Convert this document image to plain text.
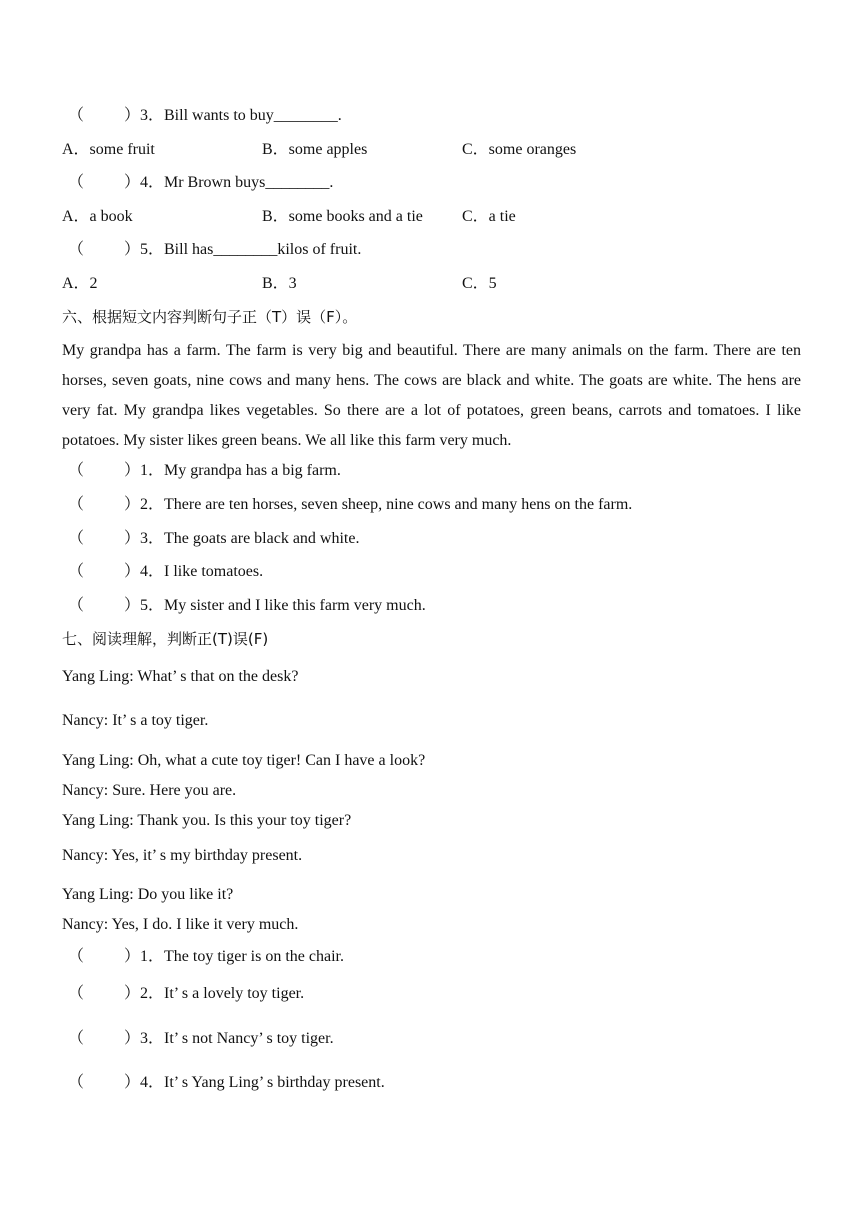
（          ）3．Bill wants to buy________.
A．some fruit	B．some apples	C．some oranges
（          ）4．Mr Brown buys________.
A．a book	B．some books and a tie C．a tie
（          ）5．Bill has________kilos of fruit.
A．2	B．3	C．5
六、根据短文内容判断句子正（T）误（F）。
My grandpa has a farm. The farm is very big and beautiful. There are many animals on the farm. There are ten horses, seven goats, nine cows and many hens. The cows are black and white. The goats are white. The hens are very fat. My grandpa likes vegetables. So there are a lot of potatoes, green beans, carrots and tomatoes. I like potatoes. My sister likes green beans. We all like this farm very much.
（          ）1．My grandpa has a big farm.
（          ）2．There are ten horses, seven sheep, nine cows and many hens on the farm.
（          ）3．The goats are black and white.
（          ）4．I like tomatoes.
（          ）5．My sister and I like this farm very much.
七、阅读理解，判断正(T)误(F)
Yang Ling: What’ s that on the desk?
Nancy: It’ s a toy tiger.
Yang Ling: Oh, what a cute toy tiger! Can I have a look?
Nancy: Sure. Here you are.
Yang Ling: Thank you. Is this your toy tiger?
Nancy: Yes, it’ s my birthday present.
Yang Ling: Do you like it?
Nancy: Yes, I do. I like it very much.
（          ）1．The toy tiger is on the chair.
（          ）2．It’ s a lovely toy tiger.
（          ）3．It’ s not Nancy’ s toy tiger.
（          ）4．It’ s Yang Ling’ s birthday present.
